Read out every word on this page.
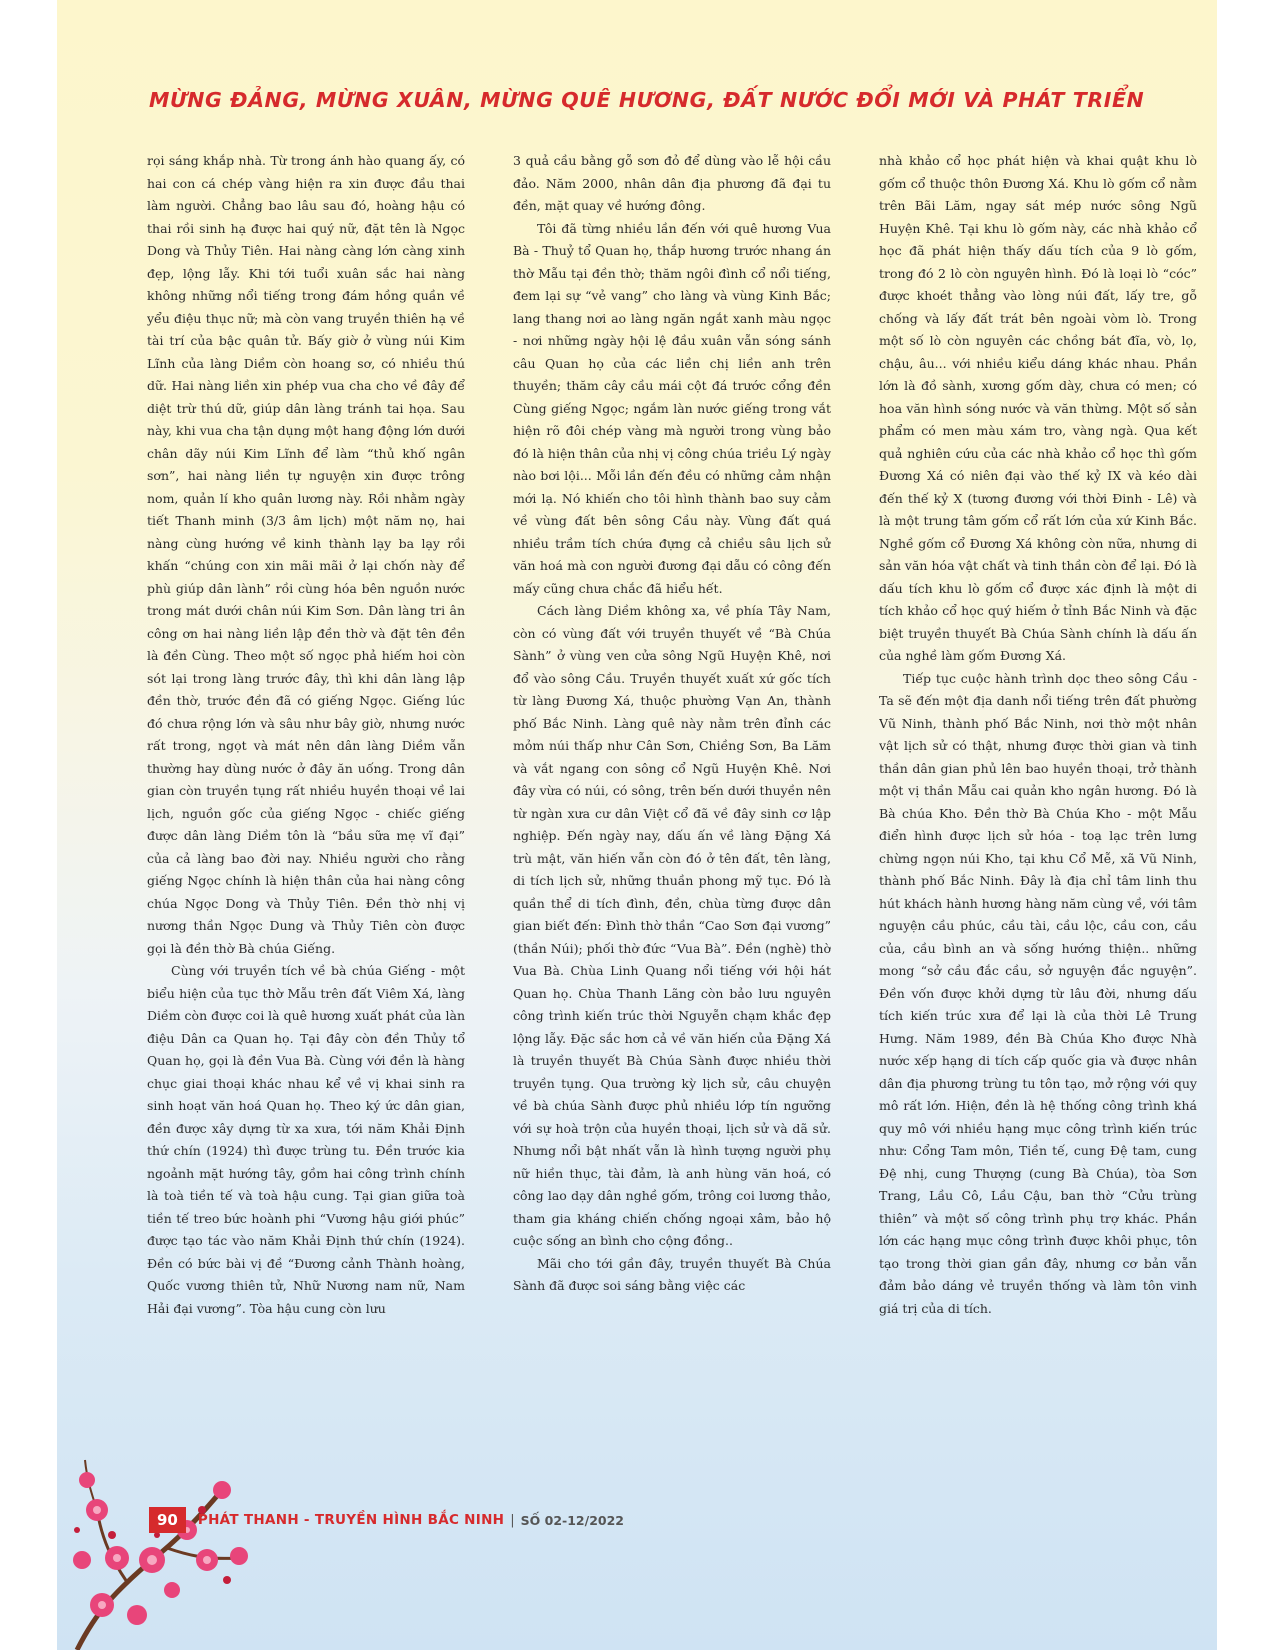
MỪNG ĐẢNG, MỪNG XUÂN, MỪNG QUÊ HƯƠNG, ĐẤT NƯỚC ĐỔI MỚI VÀ PHÁT TRIỂN

rọi sáng khắp nhà. Từ trong ánh hào quang ấy, có hai con cá chép vàng hiện ra xin được đầu thai làm người. Chẳng bao lâu sau đó, hoàng hậu có thai rồi sinh hạ được hai quý nữ, đặt tên là Ngọc Dong và Thủy Tiên. Hai nàng càng lớn càng xinh đẹp, lộng lẫy. Khi tới tuổi xuân sắc hai nàng không những nổi tiếng trong đám hồng quần về yểu điệu thục nữ; mà còn vang truyền thiên hạ về tài trí của bậc quân tử. Bấy giờ ở vùng núi Kim Lĩnh của làng Diềm còn hoang sơ, có nhiều thú dữ. Hai nàng liền xin phép vua cha cho về đây để diệt trừ thú dữ, giúp dân làng tránh tai họa. Sau này, khi vua cha tận dụng một hang động lớn dưới chân dãy núi Kim Lĩnh để làm “thủ khố ngân sơn”, hai nàng liền tự nguyện xin được trông nom, quản lí kho quân lương này. Rồi nhằm ngày tiết Thanh minh (3/3 âm lịch) một năm nọ, hai nàng cùng hướng về kinh thành lạy ba lạy rồi khấn “chúng con xin mãi mãi ở lại chốn này để phù giúp dân lành” rồi cùng hóa bên nguồn nước trong mát dưới chân núi Kim Sơn. Dân làng tri ân công ơn hai nàng liền lập đền thờ và đặt tên đền là đền Cùng. Theo một số ngọc phả hiếm hoi còn sót lại trong làng trước đây, thì khi dân làng lập đền thờ, trước đền đã có giếng Ngọc. Giếng lúc đó chưa rộng lớn và sâu như bây giờ, nhưng nước rất trong, ngọt và mát nên dân làng Diềm vẫn thường hay dùng nước ở đây ăn uống. Trong dân gian còn truyền tụng rất nhiều huyền thoại về lai lịch, nguồn gốc của giếng Ngọc - chiếc giếng được dân làng Diềm tôn là “bầu sữa mẹ vĩ đại” của cả làng bao đời nay. Nhiều người cho rằng giếng Ngọc chính là hiện thân của hai nàng công chúa Ngọc Dong và Thủy Tiên. Đền thờ nhị vị nương thần Ngọc Dung và Thủy Tiên còn được gọi là đền thờ Bà chúa Giếng.

Cùng với truyền tích về bà chúa Giếng - một biểu hiện của tục thờ Mẫu trên đất Viêm Xá, làng Diềm còn được coi là quê hương xuất phát của làn điệu Dân ca Quan họ. Tại đây còn đền Thủy tổ Quan họ, gọi là đền Vua Bà. Cùng với đền là hàng chục giai thoại khác nhau kể về vị khai sinh ra sinh hoạt văn hoá Quan họ. Theo ký ức dân gian, đền được xây dựng từ xa xưa, tới năm Khải Định thứ chín (1924) thì được trùng tu. Đền trước kia ngoảnh mặt hướng tây, gồm hai công trình chính là toà tiền tế và toà hậu cung. Tại gian giữa toà tiền tế treo bức hoành phi “Vương hậu giới phúc” được tạo tác vào năm Khải Định thứ chín (1924). Đền có bức bài vị đề “Đương cảnh Thành hoàng, Quốc vương thiên tử, Nhữ Nương nam nữ, Nam Hải đại vương”. Tòa hậu cung còn lưu

3 quả cầu bằng gỗ sơn đỏ để dùng vào lễ hội cầu đảo. Năm 2000, nhân dân địa phương đã đại tu đền, mặt quay về hướng đông.

Tôi đã từng nhiều lần đến với quê hương Vua Bà - Thuỷ tổ Quan họ, thắp hương trước nhang án thờ Mẫu tại đền thờ; thăm ngôi đình cổ nổi tiếng, đem lại sự “vẻ vang” cho làng và vùng Kinh Bắc; lang thang nơi ao làng ngăn ngắt xanh màu ngọc - nơi những ngày hội lệ đầu xuân vẫn sóng sánh câu Quan họ của các liền chị liền anh trên thuyền; thăm cây cầu mái cột đá trước cổng đền Cùng giếng Ngọc; ngắm làn nước giếng trong vắt hiện rõ đôi chép vàng mà người trong vùng bảo đó là hiện thân của nhị vị công chúa triều Lý ngày nào bơi lội... Mỗi lần đến đều có những cảm nhận mới lạ. Nó khiến cho tôi hình thành bao suy cảm về vùng đất bên sông Cầu này. Vùng đất quá nhiều trầm tích chứa đựng cả chiều sâu lịch sử văn hoá mà con người đương đại dẫu có công đến mấy cũng chưa chắc đã hiểu hết.

Cách làng Diềm không xa, về phía Tây Nam, còn có vùng đất với truyền thuyết về “Bà Chúa Sành” ở vùng ven cửa sông Ngũ Huyện Khê, nơi đổ vào sông Cầu. Truyền thuyết xuất xứ gốc tích từ làng Đương Xá, thuộc phường Vạn An, thành phố Bắc Ninh. Làng quê này nằm trên đỉnh các mỏm núi thấp như Cân Sơn, Chiềng Sơn, Ba Lăm và vắt ngang con sông cổ Ngũ Huyện Khê. Nơi đây vừa có núi, có sông, trên bến dưới thuyền nên từ ngàn xưa cư dân Việt cổ đã về đây sinh cơ lập nghiệp. Đến ngày nay, dấu ấn về làng Đặng Xá trù mật, văn hiến vẫn còn đó ở tên đất, tên làng, di tích lịch sử, những thuần phong mỹ tục. Đó là quần thể di tích đình, đền, chùa từng được dân gian biết đến: Đình thờ thần “Cao Sơn đại vương” (thần Núi); phối thờ đức “Vua Bà”. Đền (nghè) thờ Vua Bà. Chùa Linh Quang nổi tiếng với hội hát Quan họ. Chùa Thanh Lãng còn bảo lưu nguyên công trình kiến trúc thời Nguyễn chạm khắc đẹp lộng lẫy. Đặc sắc hơn cả về văn hiến của Đặng Xá là truyền thuyết Bà Chúa Sành được nhiều thời truyền tụng. Qua trường kỳ lịch sử, câu chuyện về bà chúa Sành được phủ nhiều lớp tín ngưỡng với sự hoà trộn của huyền thoại, lịch sử và dã sử. Nhưng nổi bật nhất vẫn là hình tượng người phụ nữ hiền thục, tài đảm, là anh hùng văn hoá, có công lao dạy dân nghề gốm, trông coi lương thảo, tham gia kháng chiến chống ngoại xâm, bảo hộ cuộc sống an bình cho cộng đồng..

Mãi cho tới gần đây, truyền thuyết Bà Chúa Sành đã được soi sáng bằng việc các

nhà khảo cổ học phát hiện và khai quật khu lò gốm cổ thuộc thôn Đương Xá. Khu lò gốm cổ nằm trên Bãi Lăm, ngay sát mép nước sông Ngũ Huyện Khê. Tại khu lò gốm này, các nhà khảo cổ học đã phát hiện thấy dấu tích của 9 lò gốm, trong đó 2 lò còn nguyên hình. Đó là loại lò “cóc” được khoét thẳng vào lòng núi đất, lấy tre, gỗ chống và lấy đất trát bên ngoài vòm lò. Trong một số lò còn nguyên các chồng bát đĩa, vò, lọ, chậu, âu... với nhiều kiểu dáng khác nhau. Phần lớn là đồ sành, xương gốm dày, chưa có men; có hoa văn hình sóng nước và văn thừng. Một số sản phẩm có men màu xám tro, vàng ngà. Qua kết quả nghiên cứu của các nhà khảo cổ học thì gốm Đương Xá có niên đại vào thế kỷ IX và kéo dài đến thế kỷ X (tương đương với thời Đinh - Lê) và là một trung tâm gốm cổ rất lớn của xứ Kinh Bắc. Nghề gốm cổ Đương Xá không còn nữa, nhưng di sản văn hóa vật chất và tinh thần còn để lại. Đó là dấu tích khu lò gốm cổ được xác định là một di tích khảo cổ học quý hiếm ở tỉnh Bắc Ninh và đặc biệt truyền thuyết Bà Chúa Sành chính là dấu ấn của nghề làm gốm Đương Xá.

Tiếp tục cuộc hành trình dọc theo sông Cầu - Ta sẽ đến một địa danh nổi tiếng trên đất phường Vũ Ninh, thành phố Bắc Ninh, nơi thờ một nhân vật lịch sử có thật, nhưng được thời gian và tinh thần dân gian phủ lên bao huyền thoại, trở thành một vị thần Mẫu cai quản kho ngân hương. Đó là Bà chúa Kho. Đền thờ Bà Chúa Kho - một Mẫu điển hình được lịch sử hóa - toạ lạc trên lưng chừng ngọn núi Kho, tại khu Cổ Mễ, xã Vũ Ninh, thành phố Bắc Ninh. Đây là địa chỉ tâm linh thu hút khách hành hương hàng năm cùng về, với tâm nguyện cầu phúc, cầu tài, cầu lộc, cầu con, cầu của, cầu bình an và sống hướng thiện.. những mong “sở cầu đắc cầu, sở nguyện đắc nguyện”. Đền vốn được khởi dựng từ lâu đời, nhưng dấu tích kiến trúc xưa để lại là của thời Lê Trung Hưng. Năm 1989, đền Bà Chúa Kho được Nhà nước xếp hạng di tích cấp quốc gia và được nhân dân địa phương trùng tu tôn tạo, mở rộng với quy mô rất lớn. Hiện, đền là hệ thống công trình khá quy mô với nhiều hạng mục công trình kiến trúc như: Cổng Tam môn, Tiền tế, cung Đệ tam, cung Đệ nhị, cung Thượng (cung Bà Chúa), tòa Sơn Trang, Lầu Cô, Lầu Cậu, ban thờ “Cửu trùng thiên” và một số công trình phụ trợ khác. Phần lớn các hạng mục công trình được khôi phục, tôn tạo trong thời gian gần đây, nhưng cơ bản vẫn đảm bảo dáng vẻ truyền thống và làm tôn vinh giá trị của di tích.

90	PHÁT THANH - TRUYỀN HÌNH BẮC NINH | SỐ 02-12/2022
